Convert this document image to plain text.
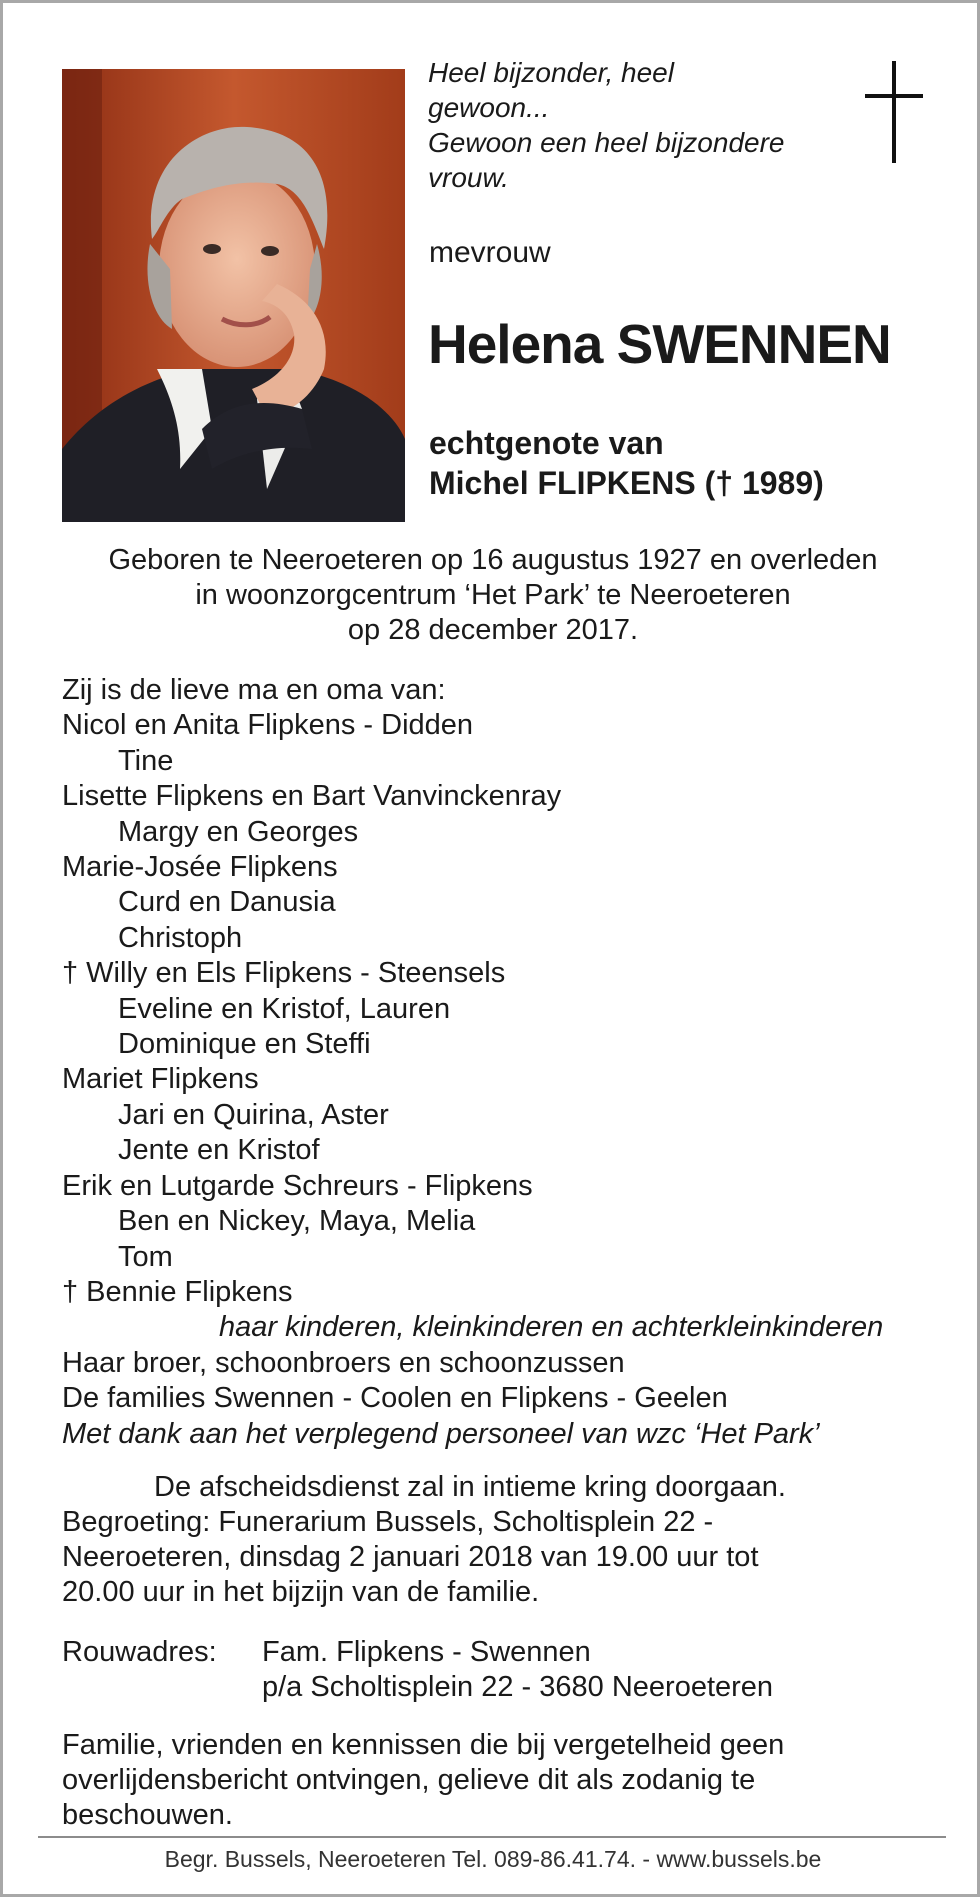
Heel bijzonder, heel
gewoon...
Gewoon een heel bijzondere
vrouw.
mevrouw
Helena SWENNEN
echtgenote van
Michel FLIPKENS († 1989)
Geboren te Neeroeteren op 16 augustus 1927 en overleden
in woonzorgcentrum ‘Het Park’ te Neeroeteren
op 28 december 2017.
Zij is de lieve ma en oma van:
Nicol en Anita Flipkens - Didden
Tine
Lisette Flipkens en Bart Vanvinckenray
Margy en Georges
Marie-Josée Flipkens
Curd en Danusia
Christoph
† Willy en Els Flipkens - Steensels
Eveline en Kristof, Lauren
Dominique en Steffi
Mariet Flipkens
Jari en Quirina, Aster
Jente en Kristof
Erik en Lutgarde Schreurs - Flipkens
Ben en Nickey, Maya, Melia
Tom
† Bennie Flipkens
haar kinderen, kleinkinderen en achterkleinkinderen
Haar broer, schoonbroers en schoonzussen
De families Swennen - Coolen en Flipkens - Geelen
Met dank aan het verplegend personeel van wzc ‘Het Park’
De afscheidsdienst zal in intieme kring doorgaan.
Begroeting: Funerarium Bussels, Scholtisplein 22 -
Neeroeteren, dinsdag 2 januari 2018 van 19.00 uur tot
20.00 uur in het bijzijn van de familie.
Rouwadres:	Fam. Flipkens - Swennen
p/a Scholtisplein 22 - 3680 Neeroeteren
Familie, vrienden en kennissen die bij vergetelheid geen
overlijdensbericht ontvingen, gelieve dit als zodanig te
beschouwen.
Begr. Bussels, Neeroeteren Tel. 089-86.41.74. - www.bussels.be
